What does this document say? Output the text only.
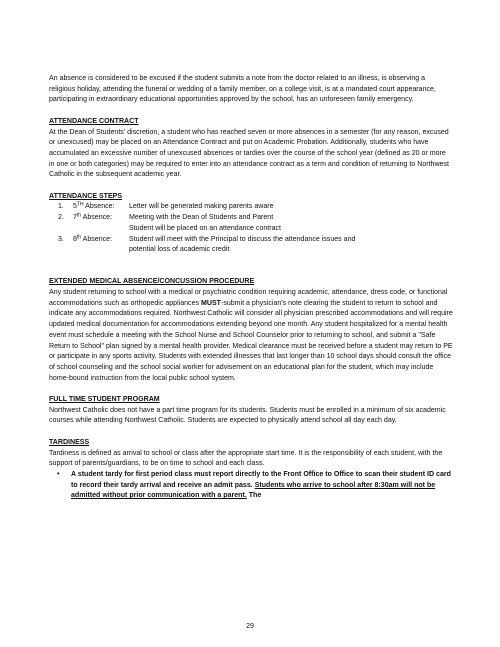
An absence is considered to be excused if the student submits a note from the doctor related to an illness, is observing a religious holiday, attending the funeral or wedding of a family member, on a college visit, is at a mandated court appearance, participating in extraordinary educational opportunities approved by the school, has an unforeseen family emergency.

ATTENDANCE CONTRACT

At the Dean of Students' discretion, a student who has reached seven or more absences in a semester (for any reason, excused or unexcused) may be placed on an Attendance Contract and put on Academic Probation. Additionally, students who have accumulated an excessive number of unexcused absences or tardies over the course of the school year (defined as 20 or more in one or both categories) may be required to enter into an attendance contract as a term and condition of returning to Northwest Catholic in the subsequent academic year.

ATTENDANCE STEPS

1.	5TH Absence:	Letter will be generated making parents aware
2.	7th Absence:	Meeting with the Dean of Students and Parent

Student will be placed on an attendance contract

3.	8th Absence:	Student will meet with the Principal to discuss the attendance issues and

potential loss of academic credit

EXTENDED MEDICAL ABSENCE/CONCUSSION PROCEDURE

Any student returning to school with a medical or psychiatric condition requiring academic, attendance, dress code, or functional accommodations such as orthopedic appliances MUST-submit a physician's note clearing the student to return to school and indicate any accommodations required. Northwest Catholic will consider all physician prescribed accommodations and will require updated medical documentation for accommodations extending beyond one month. Any student hospitalized for a mental health event must schedule a meeting with the School Nurse and School Counselor prior to returning to school, and submit a "Safe Return to School" plan signed by a mental health provider. Medical clearance must be received before a student may return to PE or participate in any sports activity. Students with extended illnesses that last longer than 10 school days should consult the office of school counseling and the school social worker for advisement on an educational plan for the student, which may include home-bound instruction from the local public school system.

FULL TIME STUDENT PROGRAM

Northwest Catholic does not have a part time program for its students. Students must be enrolled in a minimum of six academic courses while attending Northwest Catholic. Students are expected to physically attend school all day each day.

TARDINESS

Tardiness is defined as arrival to school or class after the appropriate start time. It is the responsibility of each student, with the support of parents/guardians, to be on time to school and each class.

•	A student tardy for first period class must report directly to the Front Office to Office to scan their student ID card to record their tardy arrival and receive an admit pass. Students who arrive to school after 8:30am will not be admitted without prior communication with a parent. The
29
